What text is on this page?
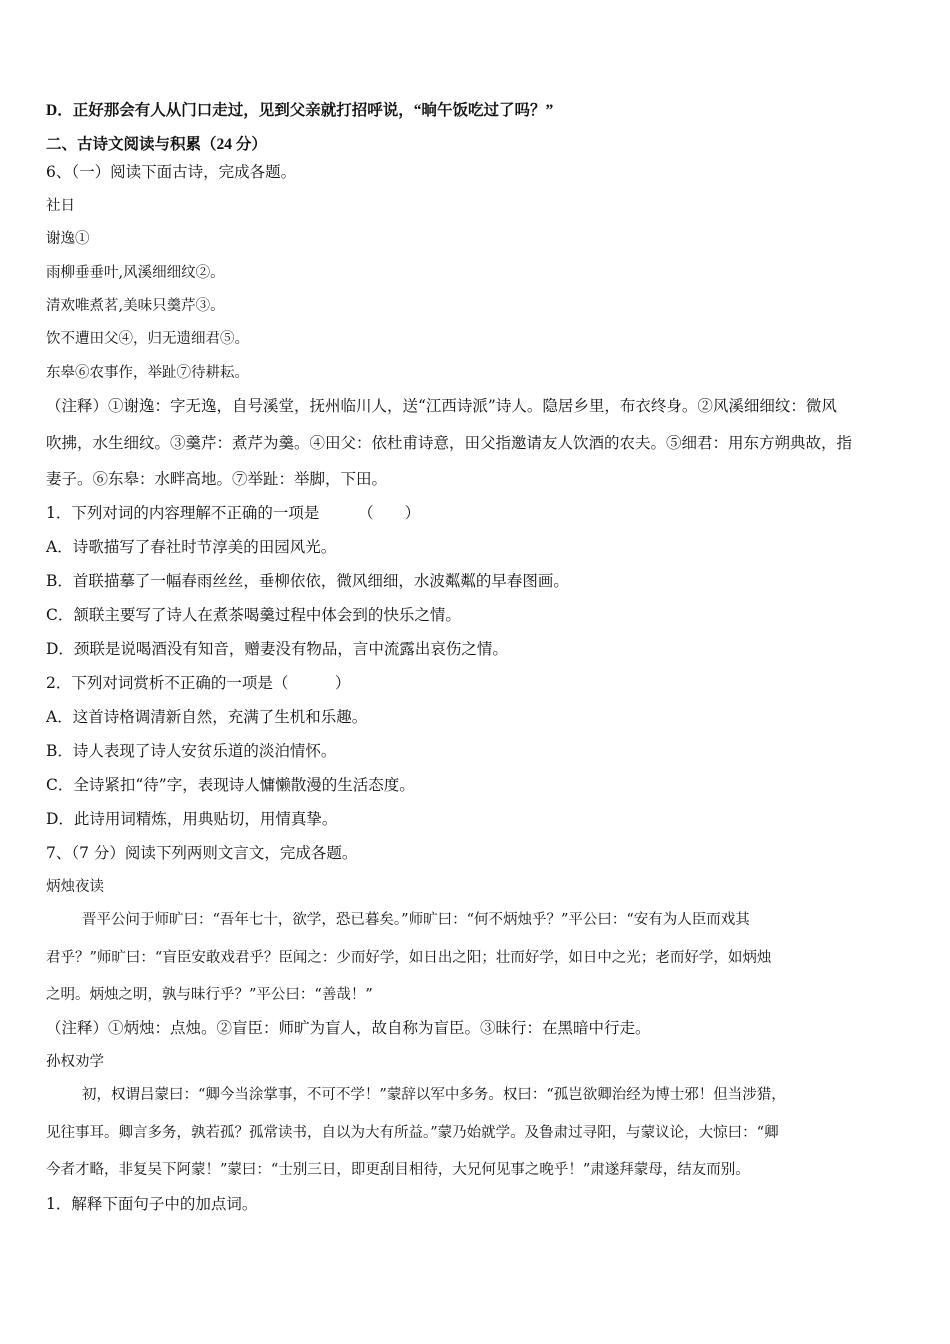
D．正好那会有人从门口走过，见到父亲就打招呼说，“晌午饭吃过了吗？”
二、古诗文阅读与积累（24 分）
6、（一）阅读下面古诗，完成各题。
社日
谢逸①
雨柳垂垂叶,风溪细细纹②。
清欢唯煮茗,美味只羹芹③。
饮不遭田父④，归无遗细君⑤。
东皋⑥农事作，举趾⑦待耕耘。
（注释）①谢逸：字无逸，自号溪堂，抚州临川人，送“江西诗派”诗人。隐居乡里，布衣终身。②风溪细细纹：微风
吹拂，水生细纹。③羹芹：煮芹为羹。④田父：依杜甫诗意，田父指邀请友人饮酒的农夫。⑤细君：用东方朔典故，指
妻子。⑥东皋：水畔高地。⑦举趾：举脚，下田。
1．下列对词的内容理解不正确的一项是　　　（　　）
A．诗歌描写了春社时节淳美的田园风光。
B．首联描摹了一幅春雨丝丝，垂柳依依，微风细细，水波粼粼的早春图画。
C．颔联主要写了诗人在煮茶喝羹过程中体会到的快乐之情。
D．颈联是说喝酒没有知音，赠妻没有物品，言中流露出哀伤之情。
2．下列对词赏析不正确的一项是（　　　）
A．这首诗格调清新自然，充满了生机和乐趣。
B．诗人表现了诗人安贫乐道的淡泊情怀。
C．全诗紧扣“待”字，表现诗人慵懒散漫的生活态度。
D．此诗用词精炼，用典贴切，用情真挚。
7、（7 分）阅读下列两则文言文，完成各题。
炳烛夜读
晋平公问于师旷曰：“吾年七十，欲学，恐已暮矣。”师旷曰：“何不炳烛乎？”平公曰：“安有为人臣而戏其
君乎？”师旷曰：“盲臣安敢戏君乎？臣闻之：少而好学，如日出之阳；壮而好学，如日中之光；老而好学，如炳烛
之明。炳烛之明，孰与昧行乎？”平公曰：“善哉！”
（注释）①炳烛：点烛。②盲臣：师旷为盲人，故自称为盲臣。③昧行：在黑暗中行走。
孙权劝学
初，权谓吕蒙曰：“卿今当涂掌事，不可不学！”蒙辞以军中多务。权曰：“孤岂欲卿治经为博士邪！但当涉猎，
见往事耳。卿言多务，孰若孤？孤常读书，自以为大有所益。”蒙乃始就学。及鲁肃过寻阳，与蒙议论，大惊曰：“卿
今者才略，非复吴下阿蒙！”蒙曰：“士别三日，即更刮目相待，大兄何见事之晚乎！”肃遂拜蒙母，结友而别。
1．解释下面句子中的加点词。
